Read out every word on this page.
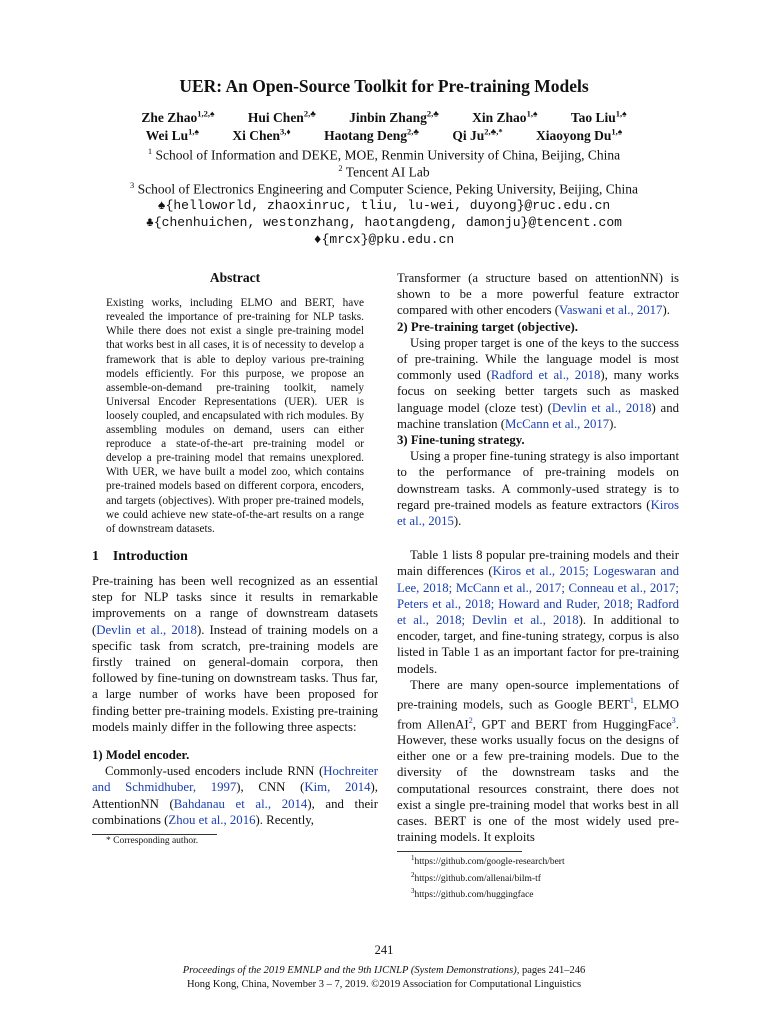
UER: An Open-Source Toolkit for Pre-training Models
Zhe Zhao$^{1,2,♠}$ Hui Chen$^{2,♣}$ Jinbin Zhang$^{2,♣}$ Xin Zhao$^{1,♠}$ Tao Liu$^{1,♠}$
Wei $Lu^{1,♠}$ Xi Chen$^{3,♦}$ Haotang Deng$^{2,♣}$ Qi $Ju^{2,♣,*}$ Xiaoyong $Du^{1,♠}$
$^1$ School of Information and DEKE, MOE, Renmin University of China, Beijing, China
$^2$ Tencent AI Lab
$^3$ School of Electronics Engineering and Computer Science, Peking University, Beijing, China
♠{helloworld, zhaoxinruc, tliu, lu-wei, duyong}@ruc.edu.cn
♣{chenhuichen, westonzhang, haotangdeng, damonju}@tencent.com
♦{mrcx}@pku.edu.cn
Abstract

Existing works, including ELMO and BERT, have revealed the importance of pre-training for NLP tasks. While there does not exist a single pre-training model that works best in all cases, it is of necessity to develop a framework that is able to deploy various pre-training models efficiently. For this purpose, we propose an assemble-on-demand pre-training toolkit, namely Universal Encoder Representations (UER). UER is loosely coupled, and encapsulated with rich modules. By assembling modules on demand, users can either reproduce a state-of-the-art pre-training model or develop a pre-training model that remains unexplored. With UER, we have built a model zoo, which contains pre-trained models based on different corpora, encoders, and targets (objectives). With proper pre-trained models, we could achieve new state-of-the-art results on a range of downstream datasets.

1 Introduction

Pre-training has been well recognized as an essential step for NLP tasks since it results in remarkable improvements on a range of downstream datasets (Devlin et al., 2018). Instead of training models on a specific task from scratch, pre-training models are firstly trained on general-domain corpora, then followed by fine-tuning on downstream tasks. Thus far, a large number of works have been proposed for finding better pre-training models. Existing pre-training models mainly differ in the following three aspects:

1) Model encoder.

Commonly-used encoders include RNN (Hochreiter and Schmidhuber, 1997), CNN (Kim, 2014), AttentionNN (Bahdanau et al., 2014), and their combinations (Zhou et al., 2016). Recently,

* Corresponding author.

Transformer (a structure based on attentionNN) is shown to be a more powerful feature extractor compared with other encoders (Vaswani et al., 2017).

2) Pre-training target (objective).

Using proper target is one of the keys to the success of pre-training. While the language model is most commonly used (Radford et al., 2018), many works focus on seeking better targets such as masked language model (cloze test) (Devlin et al., 2018) and machine translation (McCann et al., 2017).

3) Fine-tuning strategy.

Using a proper fine-tuning strategy is also important to the performance of pre-training models on downstream tasks. A commonly-used strategy is to regard pre-trained models as feature extractors (Kiros et al., 2015).

Table 1 lists 8 popular pre-training models and their main differences (Kiros et al., 2015; Logeswaran and Lee, 2018; McCann et al., 2017; Conneau et al., 2017; Peters et al., 2018; Howard and Ruder, 2018; Radford et al., 2018; Devlin et al., 2018). In additional to encoder, target, and fine-tuning strategy, corpus is also listed in Table 1 as an important factor for pre-training models.

There are many open-source implementations of pre-training models, such as Google BERT$^1$, ELMO from AllenAI$^2$, GPT and BERT from HuggingFace$^3$. However, these works usually focus on the designs of either one or a few pre-training models. Due to the diversity of the downstream tasks and the computational resources constraint, there does not exist a single pre-training model that works best in all cases. BERT is one of the most widely used pre-training models. It exploits

$^1$https://github.com/google-research/bert
$^2$https://github.com/allenai/bilm-tf
$^3$https://github.com/huggingface
241
Proceedings of the 2019 EMNLP and the 9th IJCNLP (System Demonstrations), pages 241–246
Hong Kong, China, November 3 – 7, 2019. ©2019 Association for Computational Linguistics
